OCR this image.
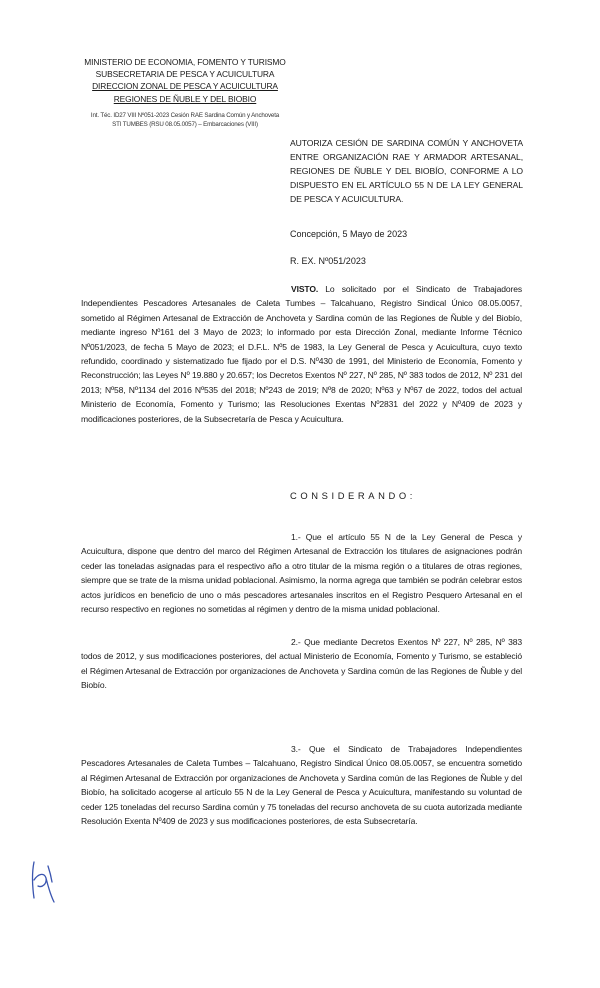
MINISTERIO DE ECONOMIA, FOMENTO Y TURISMO
SUBSECRETARIA DE PESCA Y ACUICULTURA
DIRECCION ZONAL DE PESCA Y ACUICULTURA
REGIONES DE ÑUBLE Y DEL BIOBIO
Int. Téc. ID27 VIII Nº051-2023 Cesión RAE Sardina Común y Anchoveta
STI TUMBES (RSU 08.05.0057) – Embarcaciones (VIII)
AUTORIZA CESIÓN DE SARDINA COMÚN Y ANCHOVETA ENTRE ORGANIZACIÓN RAE Y ARMADOR ARTESANAL, REGIONES DE ÑUBLE Y DEL BIOBÍO, CONFORME A LO DISPUESTO EN EL ARTÍCULO 55 N DE LA LEY GENERAL DE PESCA Y ACUICULTURA.
Concepción, 5 Mayo de 2023
R. EX. Nº051/2023
VISTO. Lo solicitado por el Sindicato de Trabajadores Independientes Pescadores Artesanales de Caleta Tumbes – Talcahuano, Registro Sindical Único 08.05.0057, sometido al Régimen Artesanal de Extracción de Anchoveta y Sardina común de las Regiones de Ñuble y del Biobío, mediante ingreso Nº161 del 3 Mayo de 2023; lo informado por esta Dirección Zonal, mediante Informe Técnico Nº051/2023, de fecha 5 Mayo de 2023; el D.F.L. Nº5 de 1983, la Ley General de Pesca y Acuicultura, cuyo texto refundido, coordinado y sistematizado fue fijado por el D.S. Nº430 de 1991, del Ministerio de Economía, Fomento y Reconstrucción; las Leyes Nº 19.880 y 20.657; los Decretos Exentos Nº 227, Nº 285, Nº 383 todos de 2012, Nº 231 del 2013; Nº58, Nº1134 del 2016 Nº535 del 2018; Nº243 de 2019; Nº8 de 2020; Nº63 y Nº67 de 2022, todos del actual Ministerio de Economía, Fomento y Turismo; las Resoluciones Exentas Nº2831 del 2022 y Nº409 de 2023 y modificaciones posteriores, de la Subsecretaría de Pesca y Acuicultura.
CONSIDERANDO:
1.- Que el artículo 55 N de la Ley General de Pesca y Acuicultura, dispone que dentro del marco del Régimen Artesanal de Extracción los titulares de asignaciones podrán ceder las toneladas asignadas para el respectivo año a otro titular de la misma región o a titulares de otras regiones, siempre que se trate de la misma unidad poblacional. Asimismo, la norma agrega que también se podrán celebrar estos actos jurídicos en beneficio de uno o más pescadores artesanales inscritos en el Registro Pesquero Artesanal en el recurso respectivo en regiones no sometidas al régimen y dentro de la misma unidad poblacional.
2.- Que mediante Decretos Exentos Nº 227, Nº 285, Nº 383 todos de 2012, y sus modificaciones posteriores, del actual Ministerio de Economía, Fomento y Turismo, se estableció el Régimen Artesanal de Extracción por organizaciones de Anchoveta y Sardina común de las Regiones de Ñuble y del Biobío.
3.- Que el Sindicato de Trabajadores Independientes Pescadores Artesanales de Caleta Tumbes – Talcahuano, Registro Sindical Único 08.05.0057, se encuentra sometido al Régimen Artesanal de Extracción por organizaciones de Anchoveta y Sardina común de las Regiones de Ñuble y del Biobío, ha solicitado acogerse al artículo 55 N de la Ley General de Pesca y Acuicultura, manifestando su voluntad de ceder 125 toneladas del recurso Sardina común y 75 toneladas del recurso anchoveta de su cuota autorizada mediante Resolución Exenta Nº409 de 2023 y sus modificaciones posteriores, de esta Subsecretaría.
